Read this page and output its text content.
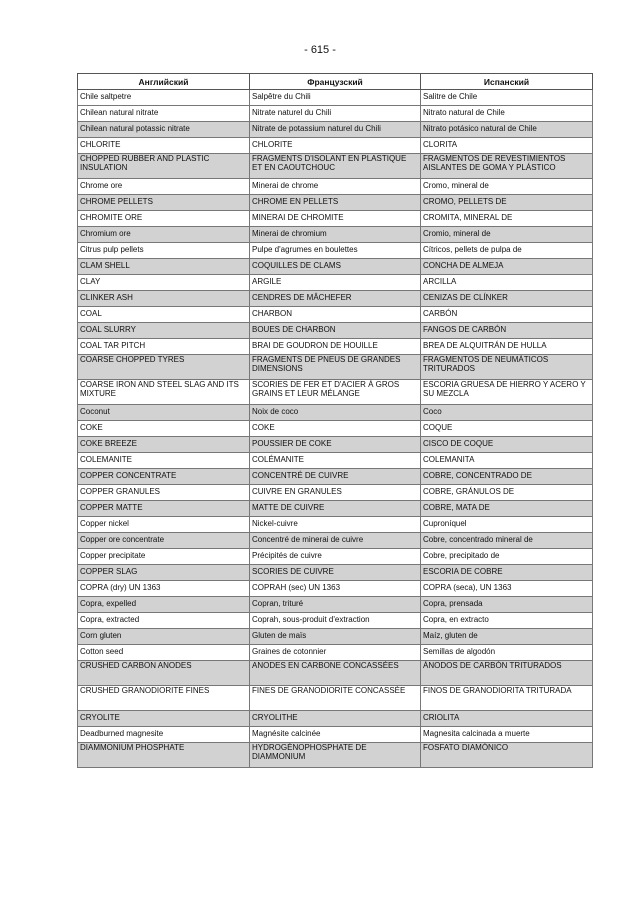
- 615 -
Английский	Французский	Испанский
Chile saltpetre	Salpêtre du Chili	Salitre de Chile
Chilean natural nitrate	Nitrate naturel du Chili	Nitrato natural de Chile
Chilean natural potassic nitrate	Nitrate de potassium naturel du Chili	Nitrato potásico natural de Chile
CHLORITE	CHLORITE	CLORITA
CHOPPED RUBBER AND PLASTIC INSULATION	FRAGMENTS D'ISOLANT EN PLASTIQUE ET EN CAOUTCHOUC	FRAGMENTOS DE REVESTIMIENTOS AISLANTES DE GOMA Y PLÁSTICO
Chrome ore	Minerai de chrome	Cromo, mineral de
CHROME PELLETS	CHROME EN PELLETS	CROMO, PELLETS DE
CHROMITE ORE	MINERAI DE CHROMITE	CROMITA, MINERAL DE
Chromium ore	Minerai de chromium	Cromio, mineral de
Citrus pulp pellets	Pulpe d'agrumes en boulettes	Cítricos, pellets de pulpa de
CLAM SHELL	COQUILLES DE CLAMS	CONCHA DE ALMEJA
CLAY	ARGILE	ARCILLA
CLINKER ASH	CENDRES DE MÂCHEFER	CENIZAS DE CLÍNKER
COAL	CHARBON	CARBÓN
COAL SLURRY	BOUES DE CHARBON	FANGOS DE CARBÓN
COAL TAR PITCH	BRAI DE GOUDRON DE HOUILLE	BREA DE ALQUITRÁN DE HULLA
COARSE CHOPPED TYRES	FRAGMENTS DE PNEUS DE GRANDES DIMENSIONS	FRAGMENTOS DE NEUMÁTICOS TRITURADOS
COARSE IRON AND STEEL SLAG AND ITS MIXTURE	SCORIES DE FER ET D'ACIER À GROS GRAINS ET LEUR MÉLANGE	ESCORIA GRUESA DE HIERRO Y ACERO Y SU MEZCLA
Coconut	Noix de coco	Coco
COKE	COKE	COQUE
COKE BREEZE	POUSSIER DE COKE	CISCO DE COQUE
COLEMANITE	COLÉMANITE	COLEMANITA
COPPER CONCENTRATE	CONCENTRÉ DE CUIVRE	COBRE, CONCENTRADO DE
COPPER GRANULES	CUIVRE EN GRANULES	COBRE, GRÁNULOS DE
COPPER MATTE	MATTE DE CUIVRE	COBRE, MATA DE
Copper nickel	Nickel-cuivre	Cuproníquel
Copper ore concentrate	Concentré de minerai de cuivre	Cobre, concentrado mineral de
Copper precipitate	Précipités de cuivre	Cobre, precipitado de
COPPER SLAG	SCORIES DE CUIVRE	ESCORIA DE COBRE
COPRA (dry) UN 1363	COPRAH (sec) UN 1363	COPRA (seca), UN 1363
Copra, expelled	Copran, trituré	Copra, prensada
Copra, extracted	Coprah, sous-produit d'extraction	Copra, en extracto
Corn gluten	Gluten de maïs	Maíz, gluten de
Cotton seed	Graines de cotonnier	Semillas de algodón
CRUSHED CARBON ANODES	ANODES EN CARBONE CONCASSÉES	ÁNODOS DE CARBÓN TRITURADOS
CRUSHED GRANODIORITE FINES	FINES DE GRANODIORITE CONCASSÉE	FINOS DE GRANODIORITA TRITURADA
CRYOLITE	CRYOLITHE	CRIOLITA
Deadburned magnesite	Magnésite calcinée	Magnesita calcinada a muerte
DIAMMONIUM PHOSPHATE	HYDROGÉNOPHOSPHATE DE DIAMMONIUM	FOSFATO DIAMÓNICO
